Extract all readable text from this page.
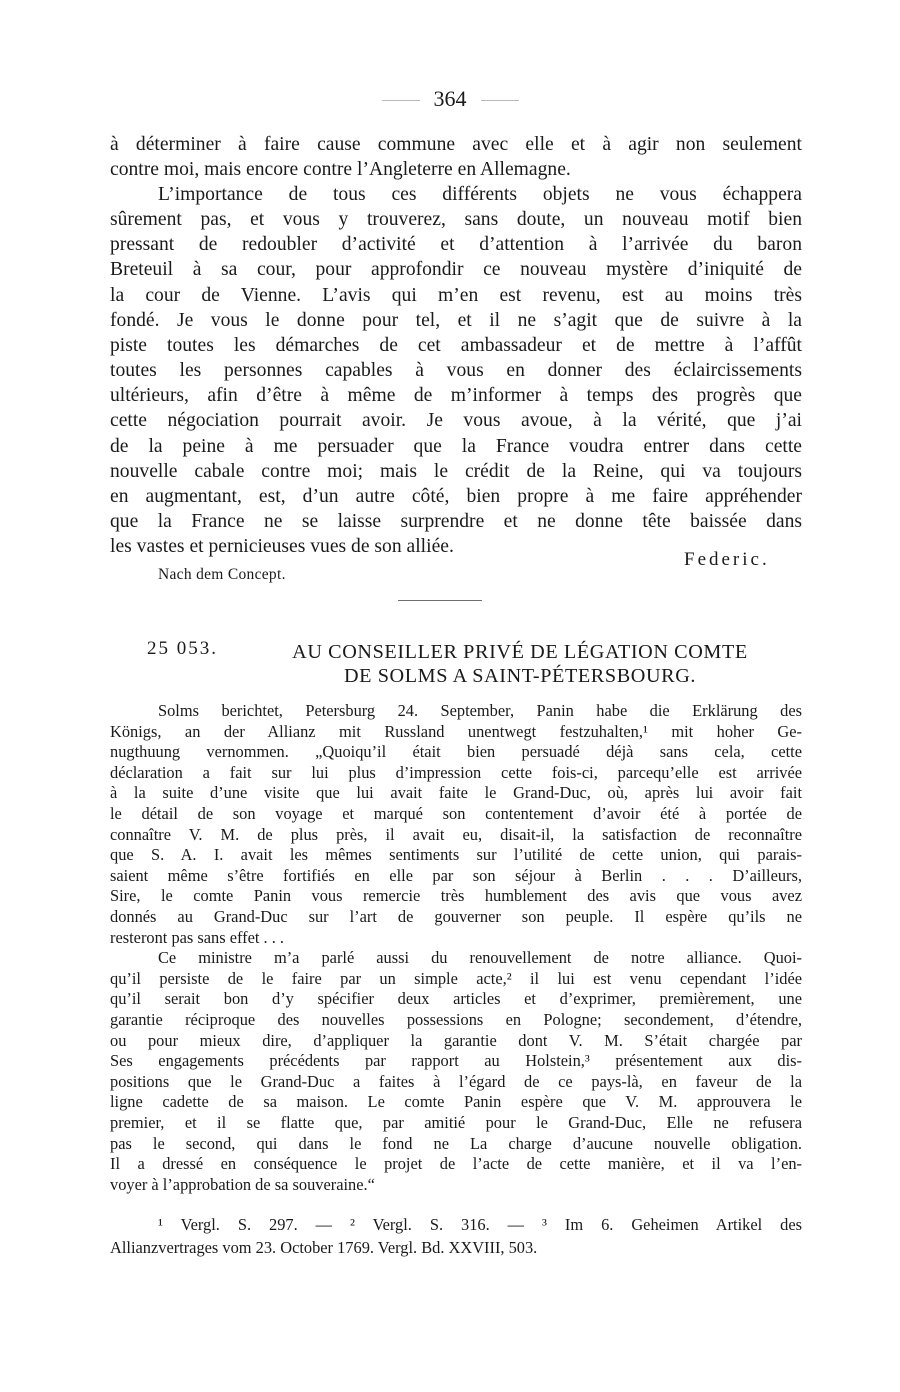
364
à déterminer à faire cause commune avec elle et à agir non seulement
contre moi, mais encore contre l’Angleterre en Allemagne.
L’importance de tous ces différents objets ne vous échappera
sûrement pas, et vous y trouverez, sans doute, un nouveau motif bien
pressant de redoubler d’activité et d’attention à l’arrivée du baron
Breteuil à sa cour, pour approfondir ce nouveau mystère d’iniquité de
la cour de Vienne. L’avis qui m’en est revenu, est au moins très
fondé. Je vous le donne pour tel, et il ne s’agit que de suivre à la
piste toutes les démarches de cet ambassadeur et de mettre à l’affût
toutes les personnes capables à vous en donner des éclaircissements
ultérieurs, afin d’être à même de m’informer à temps des progrès que
cette négociation pourrait avoir. Je vous avoue, à la vérité, que j’ai
de la peine à me persuader que la France voudra entrer dans cette
nouvelle cabale contre moi; mais le crédit de la Reine, qui va toujours
en augmentant, est, d’un autre côté, bien propre à me faire appréhender
que la France ne se laisse surprendre et ne donne tête baissée dans
les vastes et pernicieuses vues de son alliée.
Federic.
Nach dem Concept.
25 053.	AU CONSEILLER PRIVÉ DE LÉGATION COMTE
DE SOLMS A SAINT-PÉTERSBOURG.
Solms berichtet, Petersburg 24. September, Panin habe die Erklärung des
Königs, an der Allianz mit Russland unentwegt festzuhalten,¹ mit hoher Ge-
nugthuung vernommen. „Quoiqu’il était bien persuadé déjà sans cela, cette
déclaration a fait sur lui plus d’impression cette fois-ci, parcequ’elle est arrivée
à la suite d’une visite que lui avait faite le Grand-Duc, où, après lui avoir fait
le détail de son voyage et marqué son contentement d’avoir été à portée de
connaître V. M. de plus près, il avait eu, disait-il, la satisfaction de reconnaître
que S. A. I. avait les mêmes sentiments sur l’utilité de cette union, qui parais-
saient même s’être fortifiés en elle par son séjour à Berlin . . . D’ailleurs,
Sire, le comte Panin vous remercie très humblement des avis que vous avez
donnés au Grand-Duc sur l’art de gouverner son peuple. Il espère qu’ils ne
resteront pas sans effet . . .
Ce ministre m’a parlé aussi du renouvellement de notre alliance. Quoi-
qu’il persiste de le faire par un simple acte,² il lui est venu cependant l’idée
qu’il serait bon d’y spécifier deux articles et d’exprimer, premièrement, une
garantie réciproque des nouvelles possessions en Pologne; secondement, d’étendre,
ou pour mieux dire, d’appliquer la garantie dont V. M. S’était chargée par
Ses engagements précédents par rapport au Holstein,³ présentement aux dis-
positions que le Grand-Duc a faites à l’égard de ce pays-là, en faveur de la
ligne cadette de sa maison. Le comte Panin espère que V. M. approuvera le
premier, et il se flatte que, par amitié pour le Grand-Duc, Elle ne refusera
pas le second, qui dans le fond ne La charge d’aucune nouvelle obligation.
Il a dressé en conséquence le projet de l’acte de cette manière, et il va l’en-
voyer à l’approbation de sa souveraine.“
¹ Vergl. S. 297. — ² Vergl. S. 316. — ³ Im 6. Geheimen Artikel des
Allianzvertrages vom 23. October 1769. Vergl. Bd. XXVIII, 503.
